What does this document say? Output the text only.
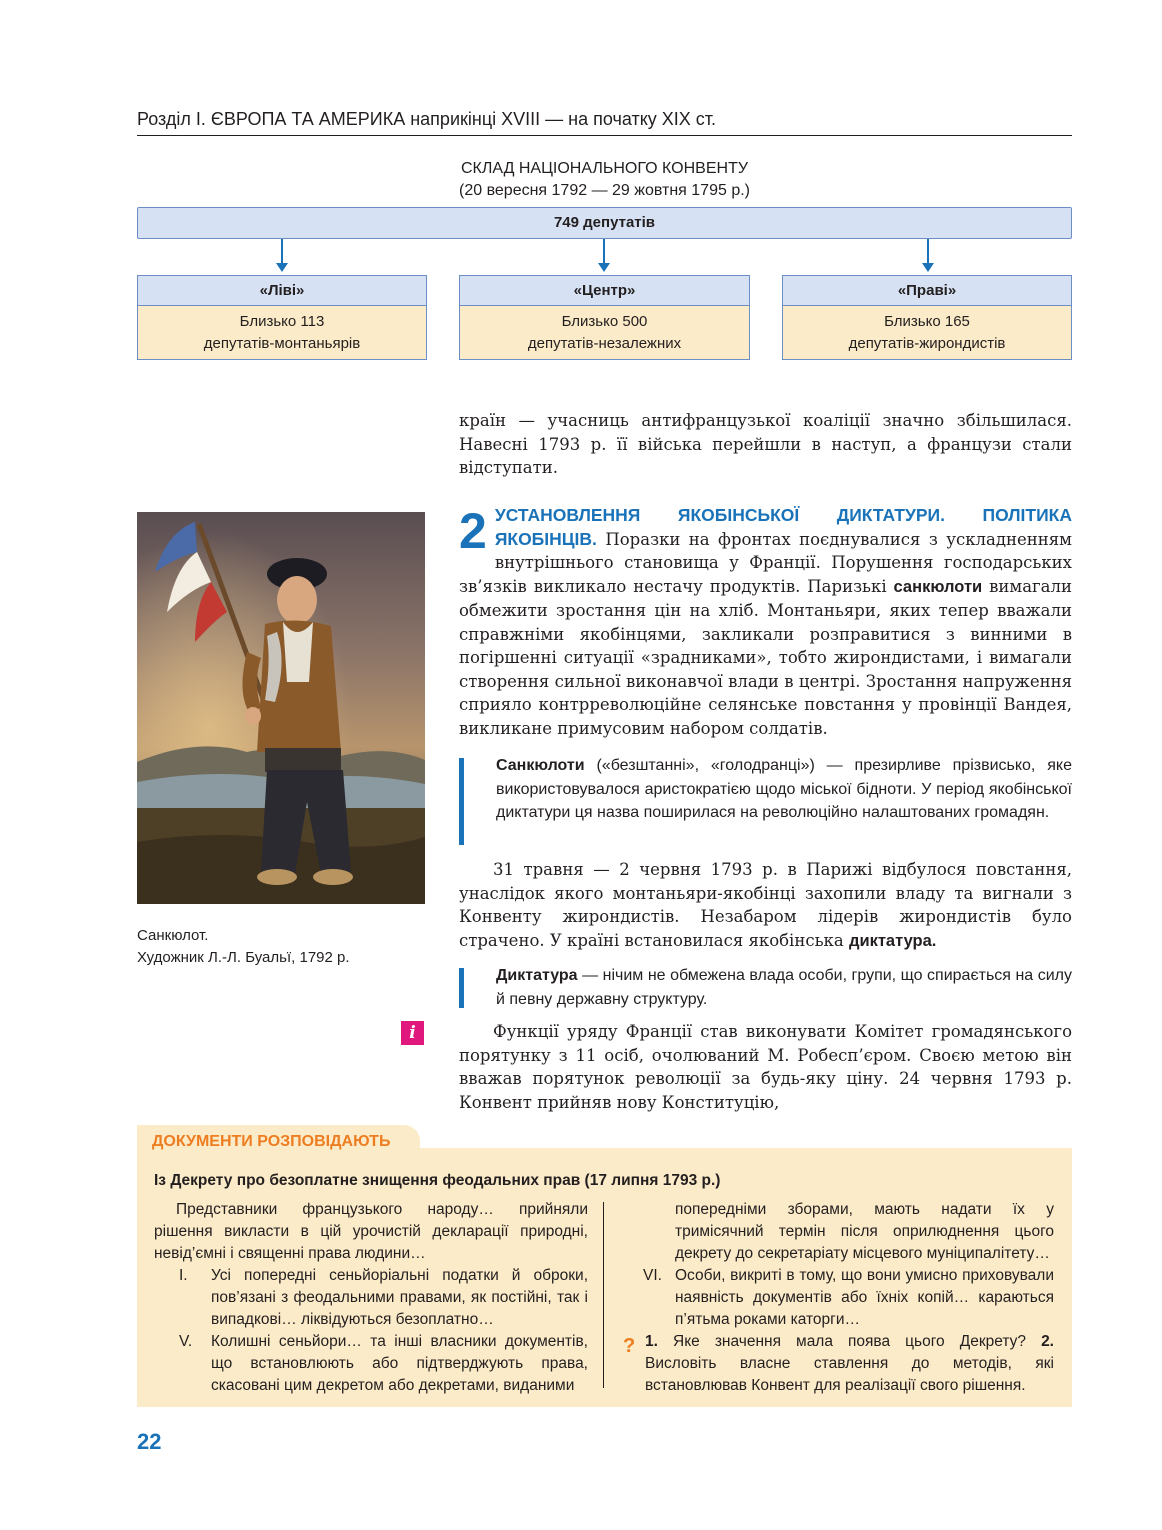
Розділ I. ЄВРОПА ТА АМЕРИКА наприкінці XVIII — на початку XIX ст.
СКЛАД НАЦІОНАЛЬНОГО КОНВЕНТУ
(20 вересня 1792 — 29 жовтня 1795 р.)
749 депутатів
«Ліві»
Близько 113
депутатів-монтаньярів
«Центр»
Близько 500
депутатів-незалежних
«Праві»
Близько 165
депутатів-жирондистів

країн — учасниць антифранцузької коаліції значно збільшилася. Навесні 1793 р. її війська перейшли в наступ, а французи стали відступати.

Санкюлот.
Художник Л.-Л. Буальї, 1792 р.
i
2 УСТАНОВЛЕННЯ ЯКОБІНСЬКОЇ ДИКТАТУРИ. ПОЛІТИКА ЯКОБІНЦІВ. Поразки на фронтах поєднувалися з ускладненням внутрішнього становища у Франції. Порушення господарських зв’язків викликало нестачу продуктів. Паризькі санкюлоти вимагали обмежити зростання цін на хліб. Монтаньяри, яких тепер вважали справжніми якобінцями, закликали розправитися з винними в погіршенні ситуації «зрадниками», тобто жирондистами, і вимагали створення сильної виконавчої влади в центрі. Зростання напруження сприяло контрреволюційне селянське повстання у провінції Вандея, викликане примусовим набором солдатів.
Санкюлоти («безштанні», «голодранці») — презирливе прізвисько, яке використовувалося аристократією щодо міської бідноти. У період якобінської диктатури ця назва поширилася на революційно налаштованих громадян.

31 травня — 2 червня 1793 р. в Парижі відбулося повстання, унаслідок якого монтаньяри-якобінці захопили владу та вигнали з Конвенту жирондистів. Незабаром лідерів жирондистів було страчено. У країні встановилася якобінська диктатура.

Диктатура — нічим не обмежена влада особи, групи, що спирається на силу й певну державну структуру.

Функції уряду Франції став виконувати Комітет громадянського порятунку з 11 осіб, очолюваний М. Робесп’єром. Своєю метою він вважав порятунок революції за будь-яку ціну. 24 червня 1793 р. Конвент прийняв нову Конституцію,

Із Декрету про безоплатне знищення феодальних прав (17 липня 1793 р.)

Представники французького народу… прийняли рішення викласти в цій урочистій декларації природні, невід’ємні і священні права людини…

I. Усі попередні сеньйоріальні податки й оброки, пов’язані з феодальними правами, як постійні, так і випадкові… ліквідуються безоплатно…
V. Колишні сеньйори… та інші власники документів, що встановлюють або підтверджують права, скасовані цим декретом або декретами, виданими

попередніми зборами, мають надати їх у тримісячний термін після оприлюднення цього декрету до секретаріату місцевого муніципалітету…

VI. Особи, викриті в тому, що вони умисно приховували наявність документів або їхніх копій… караються п’ятьма роками каторги…
? 1. Яке значення мала поява цього Декрету? 2. Висловіть власне ставлення до методів, які встановлював Конвент для реалізації свого рішення.
ДОКУМЕНТИ РОЗПОВІДАЮТЬ
22
